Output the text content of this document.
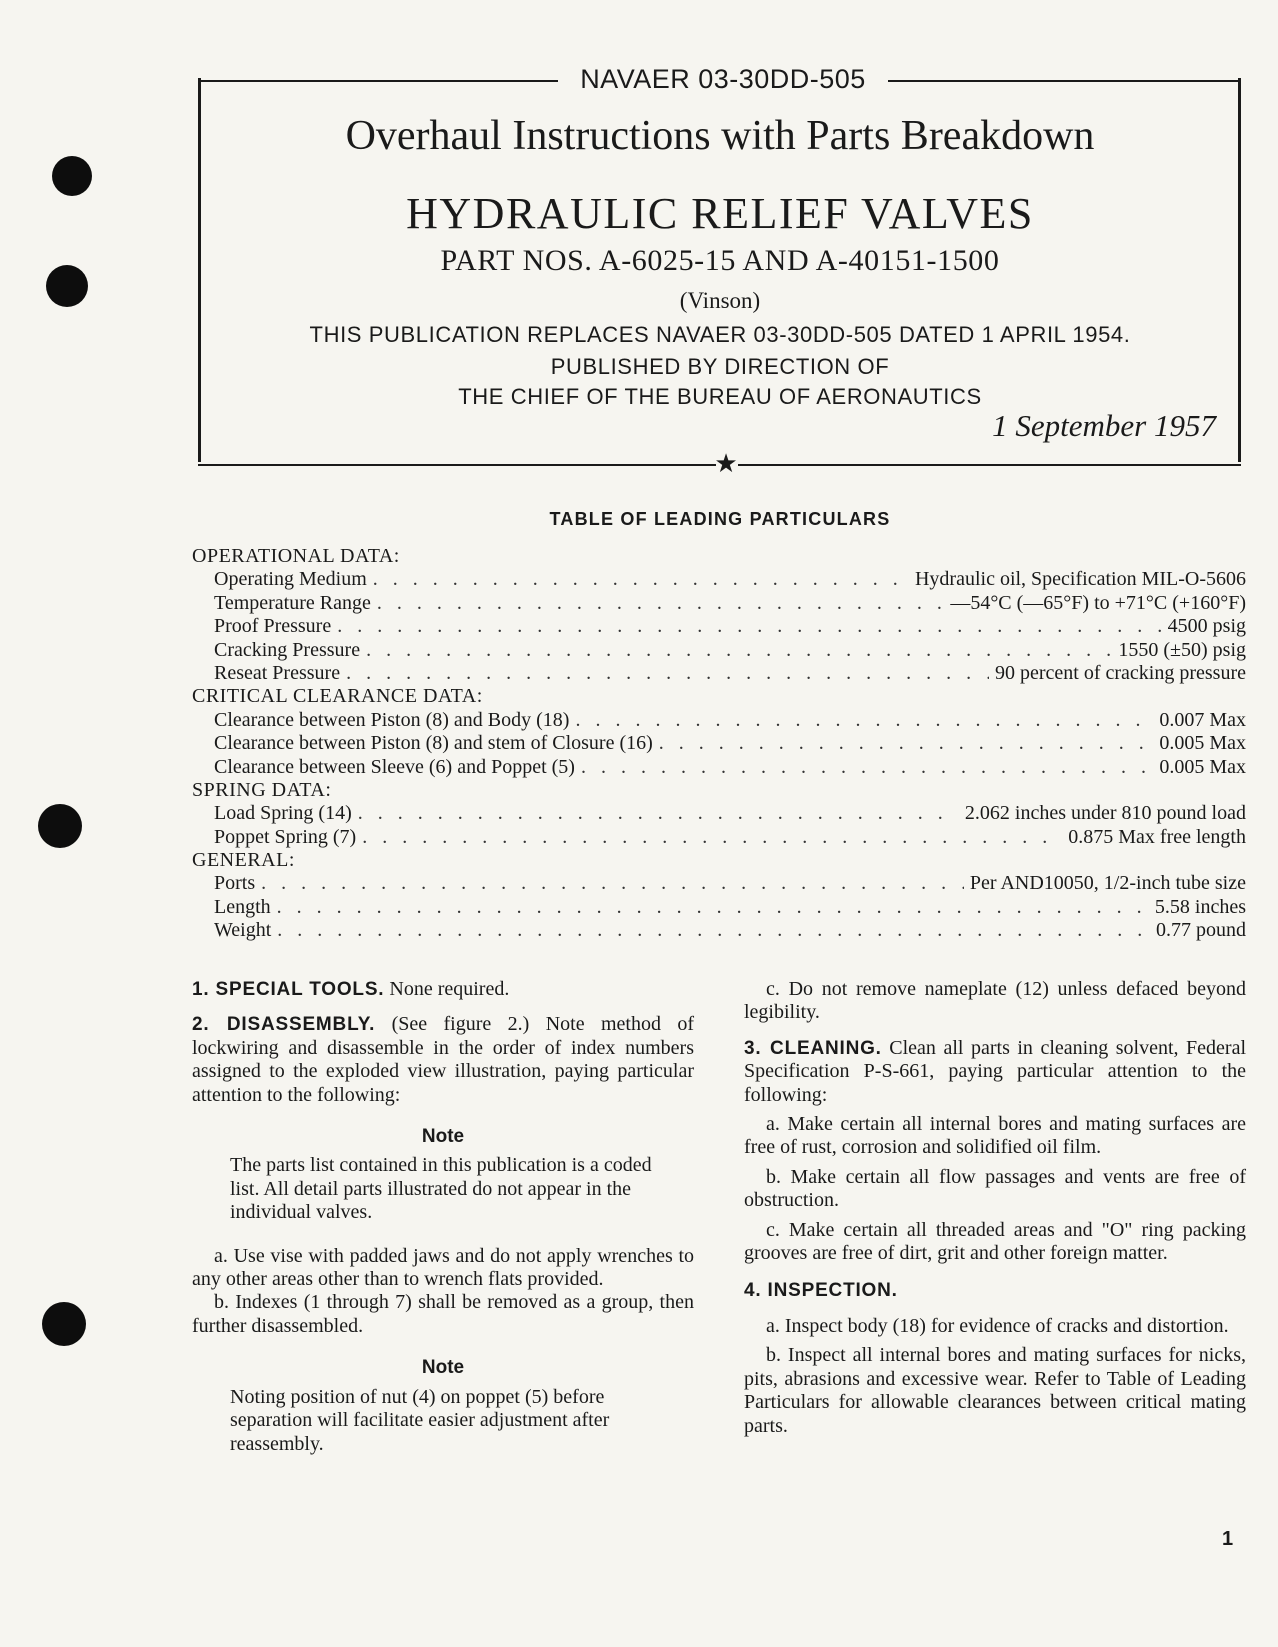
★
NAVAER 03-30DD-505
Overhaul Instructions with Parts Breakdown
HYDRAULIC RELIEF VALVES
PART NOS. A-6025-15 AND A-40151-1500
(Vinson)
THIS PUBLICATION REPLACES NAVAER 03-30DD-505 DATED 1 APRIL 1954.
PUBLISHED BY DIRECTION OF
THE CHIEF OF THE BUREAU OF AERONAUTICS
1 September 1957
TABLE OF LEADING PARTICULARS
OPERATIONAL DATA:
Operating Medium . . .	Hydraulic oil, Specification MIL-O-5606
Temperature Range . . .	—54°C (—65°F) to +71°C (+160°F)
Proof Pressure . . .	4500 psig
Cracking Pressure . . .	1550 (±50) psig
Reseat Pressure . . .	90 percent of cracking pressure
CRITICAL CLEARANCE DATA:
Clearance between Piston (8) and Body (18) . . .	0.007 Max
Clearance between Piston (8) and stem of Closure (16) . . .	0.005 Max
Clearance between Sleeve (6) and Poppet (5) . . .	0.005 Max
SPRING DATA:
Load Spring (14) . . .	2.062 inches under 810 pound load
Poppet Spring (7) . . .	0.875 Max free length
GENERAL:
Ports . . .	Per AND10050, 1/2-inch tube size
Length . . .	5.58 inches
Weight . . .	0.77 pound

1. SPECIAL TOOLS. None required.

2. DISASSEMBLY. (See figure 2.) Note method of lockwiring and disassemble in the order of index numbers assigned to the exploded view illustration, paying particular attention to the following:

Note

The parts list contained in this publication is a coded list. All detail parts illustrated do not appear in the individual valves.

a. Use vise with padded jaws and do not apply wrenches to any other areas other than to wrench flats provided.

b. Indexes (1 through 7) shall be removed as a group, then further disassembled.

Note

Noting position of nut (4) on poppet (5) before separation will facilitate easier adjustment after reassembly.

c. Do not remove nameplate (12) unless defaced beyond legibility.

3. CLEANING. Clean all parts in cleaning solvent, Federal Specification P-S-661, paying particular attention to the following:

a. Make certain all internal bores and mating surfaces are free of rust, corrosion and solidified oil film.

b. Make certain all flow passages and vents are free of obstruction.

c. Make certain all threaded areas and "O" ring packing grooves are free of dirt, grit and other foreign matter.

4. INSPECTION.

a. Inspect body (18) for evidence of cracks and distortion.

b. Inspect all internal bores and mating surfaces for nicks, pits, abrasions and excessive wear. Refer to Table of Leading Particulars for allowable clearances between critical mating parts.

1
